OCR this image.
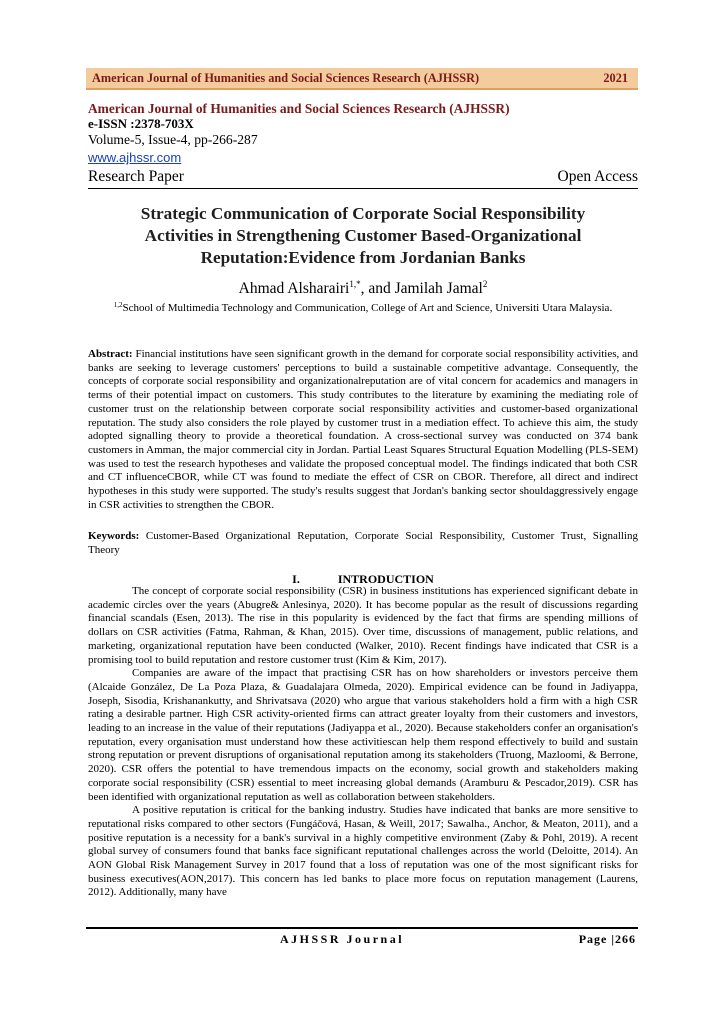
American Journal of Humanities and Social Sciences Research (AJHSSR)	2021
American Journal of Humanities and Social Sciences Research (AJHSSR)
e-ISSN :2378-703X
Volume-5, Issue-4, pp-266-287
www.ajhssr.com
Research Paper	Open Access
Strategic Communication of Corporate Social Responsibility
Activities in Strengthening Customer Based-Organizational
Reputation:Evidence from Jordanian Banks
Ahmad Alsharairi$^{1,*}$, and Jamilah Jamal$^2$
$^{1,2}$School of Multimedia Technology and Communication, College of Art and Science, Universiti Utara Malaysia.
Abstract: Financial institutions have seen significant growth in the demand for corporate social responsibility activities, and banks are seeking to leverage customers' perceptions to build a sustainable competitive advantage. Consequently, the concepts of corporate social responsibility and organizationalreputation are of vital concern for academics and managers in terms of their potential impact on customers. This study contributes to the literature by examining the mediating role of customer trust on the relationship between corporate social responsibility activities and customer-based organizational reputation. The study also considers the role played by customer trust in a mediation effect. To achieve this aim, the study adopted signalling theory to provide a theoretical foundation. A cross-sectional survey was conducted on 374 bank customers in Amman, the major commercial city in Jordan. Partial Least Squares Structural Equation Modelling (PLS-SEM) was used to test the research hypotheses and validate the proposed conceptual model. The findings indicated that both CSR and CT influenceCBOR, while CT was found to mediate the effect of CSR on CBOR. Therefore, all direct and indirect hypotheses in this study were supported. The study's results suggest that Jordan's banking sector shouldaggressively engage in CSR activities to strengthen the CBOR.
Keywords: Customer-Based Organizational Reputation, Corporate Social Responsibility, Customer Trust, Signalling Theory
I.	INTRODUCTION

The concept of corporate social responsibility (CSR) in business institutions has experienced significant debate in academic circles over the years (Abugre& Anlesinya, 2020). It has become popular as the result of discussions regarding financial scandals (Esen, 2013). The rise in this popularity is evidenced by the fact that firms are spending millions of dollars on CSR activities (Fatma, Rahman, & Khan, 2015). Over time, discussions of management, public relations, and marketing, organizational reputation have been conducted (Walker, 2010). Recent findings have indicated that CSR is a promising tool to build reputation and restore customer trust (Kim & Kim, 2017).

Companies are aware of the impact that practising CSR has on how shareholders or investors perceive them (Alcaide González, De La Poza Plaza, & Guadalajara Olmeda, 2020). Empirical evidence can be found in Jadiyappa, Joseph, Sisodia, Krishanankutty, and Shrivatsava (2020) who argue that various stakeholders hold a firm with a high CSR rating a desirable partner. High CSR activity-oriented firms can attract greater loyalty from their customers and investors, leading to an increase in the value of their reputations (Jadiyappa et al., 2020). Because stakeholders confer an organisation's reputation, every organisation must understand how these activitiescan help them respond effectively to build and sustain strong reputation or prevent disruptions of organisational reputation among its stakeholders (Truong, Mazloomi, & Berrone, 2020). CSR offers the potential to have tremendous impacts on the economy, social growth and stakeholders making corporate social responsibility (CSR) essential to meet increasing global demands (Aramburu & Pescador,2019). CSR has been identified with organizational reputation as well as collaboration between stakeholders.

A positive reputation is critical for the banking industry. Studies have indicated that banks are more sensitive to reputational risks compared to other sectors (Fungáčová, Hasan, & Weill, 2017; Sawalha., Anchor, & Meaton, 2011), and a positive reputation is a necessity for a bank's survival in a highly competitive environment (Zaby & Pohl, 2019). A recent global survey of consumers found that banks face significant reputational challenges across the world (Deloitte, 2014). An AON Global Risk Management Survey in 2017 found that a loss of reputation was one of the most significant risks for business executives(AON,2017). This concern has led banks to place more focus on reputation management (Laurens, 2012). Additionally, many have

AJHSSR Journal	Page |266
